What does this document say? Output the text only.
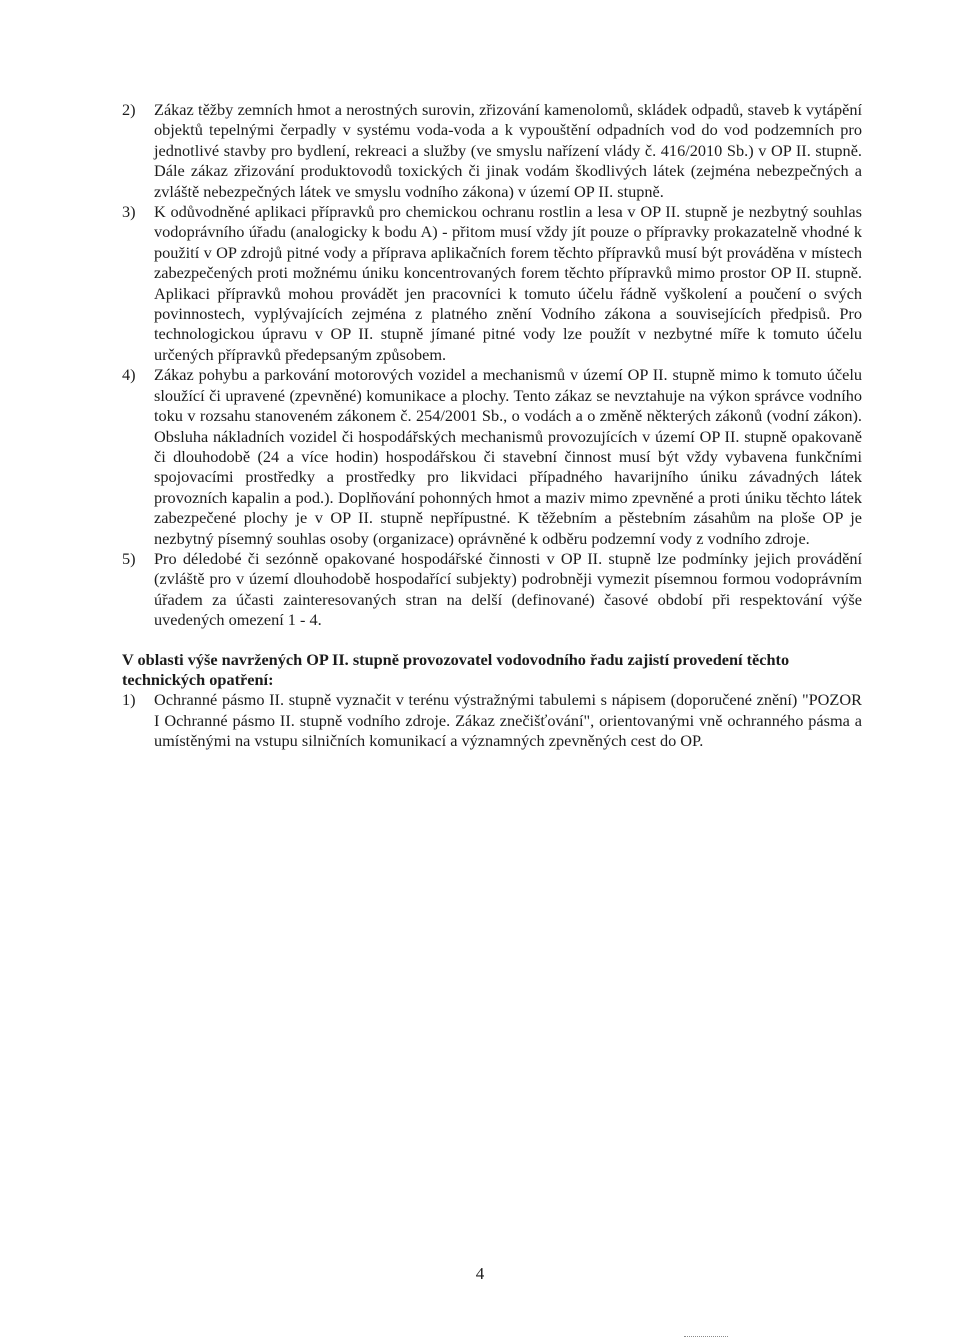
2) Zákaz těžby zemních hmot a nerostných surovin, zřizování kamenolomů, skládek odpadů, staveb k vytápění objektů tepelnými čerpadly v systému voda-voda a k vypouštění odpadních vod do vod podzemních pro jednotlivé stavby pro bydlení, rekreaci a služby (ve smyslu nařízení vlády č. 416/2010 Sb.) v OP II. stupně. Dále zákaz zřizování produktovodů toxických či jinak vodám škodlivých látek (zejména nebezpečných a zvláště nebezpečných látek ve smyslu vodního zákona) v území OP II. stupně.
3) K odůvodněné aplikaci přípravků pro chemickou ochranu rostlin a lesa v OP II. stupně je nezbytný souhlas vodoprávního úřadu (analogicky k bodu A) - přitom musí vždy jít pouze o přípravky prokazatelně vhodné k použití v OP zdrojů pitné vody a příprava aplikačních forem těchto přípravků musí být prováděna v místech zabezpečených proti možnému úniku koncentrovaných forem těchto přípravků mimo prostor OP II. stupně. Aplikaci přípravků mohou provádět jen pracovníci k tomuto účelu řádně vyškolení a poučení o svých povinnostech, vyplývajících zejména z platného znění Vodního zákona a souvisejících předpisů. Pro technologickou úpravu v OP II. stupně jímané pitné vody lze použít v nezbytné míře k tomuto účelu určených přípravků předepsaným způsobem.
4) Zákaz pohybu a parkování motorových vozidel a mechanismů v území OP II. stupně mimo k tomuto účelu sloužící či upravené (zpevněné) komunikace a plochy. Tento zákaz se nevztahuje na výkon správce vodního toku v rozsahu stanoveném zákonem č. 254/2001 Sb., o vodách a o změně některých zákonů (vodní zákon). Obsluha nákladních vozidel či hospodářských mechanismů provozujících v území OP II. stupně opakovaně či dlouhodobě (24 a více hodin) hospodářskou či stavební činnost musí být vždy vybavena funkčními spojovacími prostředky a prostředky pro likvidaci případného havarijního úniku závadných látek provozních kapalin a pod.). Doplňování pohonných hmot a maziv mimo zpevněné a proti úniku těchto látek zabezpečené plochy je v OP II. stupně nepřípustné. K těžebním a pěstebním zásahům na ploše OP je nezbytný písemný souhlas osoby (organizace) oprávněné k odběru podzemní vody z vodního zdroje.
5) Pro déledobé či sezónně opakované hospodářské činnosti v OP II. stupně lze podmínky jejich provádění (zvláště pro v území dlouhodobě hospodařící subjekty) podrobněji vymezit písemnou formou vodoprávním úřadem za účasti zainteresovaných stran na delší (definované) časové období při respektování výše uvedených omezení 1 - 4.
V oblasti výše navržených OP II. stupně provozovatel vodovodního řadu zajistí provedení těchto technických opatření:
1) Ochranné pásmo II. stupně vyznačit v terénu výstražnými tabulemi s nápisem (doporučené znění) "POZOR I Ochranné pásmo II. stupně vodního zdroje. Zákaz znečišťování", orientovanými vně ochranného pásma a umístěnými na vstupu silničních komunikací a významných zpevněných cest do OP.
4
